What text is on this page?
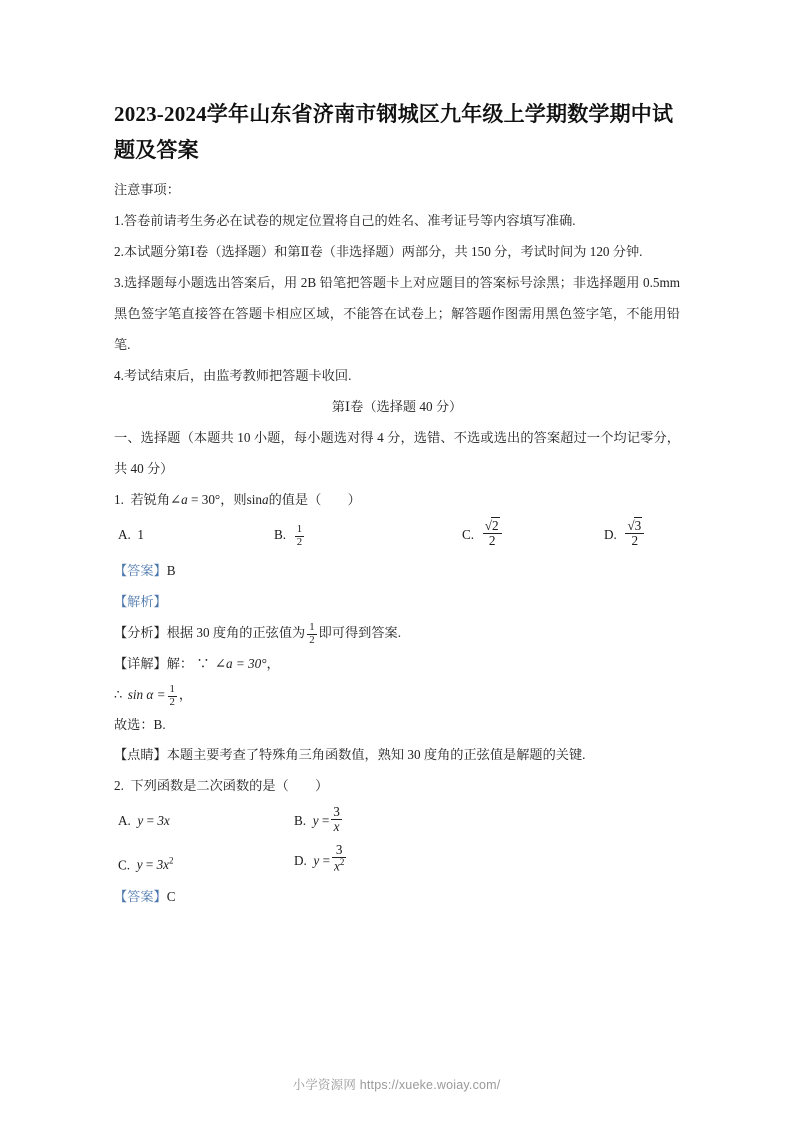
2023-2024学年山东省济南市钢城区九年级上学期数学期中试题及答案

注意事项：

1.答卷前请考生务必在试卷的规定位置将自己的姓名、准考证号等内容填写准确.

2.本试题分第Ⅰ卷（选择题）和第Ⅱ卷（非选择题）两部分，共 150 分，考试时间为 120 分钟.

3.选择题每小题选出答案后，用 2B 铅笔把答题卡上对应题目的答案标号涂黑；非选择题用 0.5mm 黑色签字笔直接答在答题卡相应区域，不能答在试卷上；解答题作图需用黑色签字笔，不能用铅笔.

4.考试结束后，由监考教师把答题卡收回.

第Ⅰ卷（选择题 40 分）

一、选择题（本题共 10 小题，每小题选对得 4 分，选错、不选或选出的答案超过一个均记零分，共 40 分）

1. 若锐角∠a = 30°，则sina的值是（　　）

A. 1	B. $\frac{1}{2}$	C. $\frac{√2}{2}$	D. $\frac{√3}{2}$

【答案】B

【解析】

【分析】根据 30 度角的正弦值为 $\frac{1}{2}$ 即可得到答案.

【详解】解： ∵ ∠a = 30°，

∴ $\sin \alpha = \frac{1}{2}$ ，

故选：B.

【点睛】本题主要考查了特殊角三角函数值，熟知 30 度角的正弦值是解题的关键.

2. 下列函数是二次函数的是（　　）

A. y = 3x	B. $y = \frac{3}{x}$
C. $y = 3x^2$	D. $y = \frac{3}{x^2}$

【答案】C

小学资源网 https://xueke.woiay.com/
